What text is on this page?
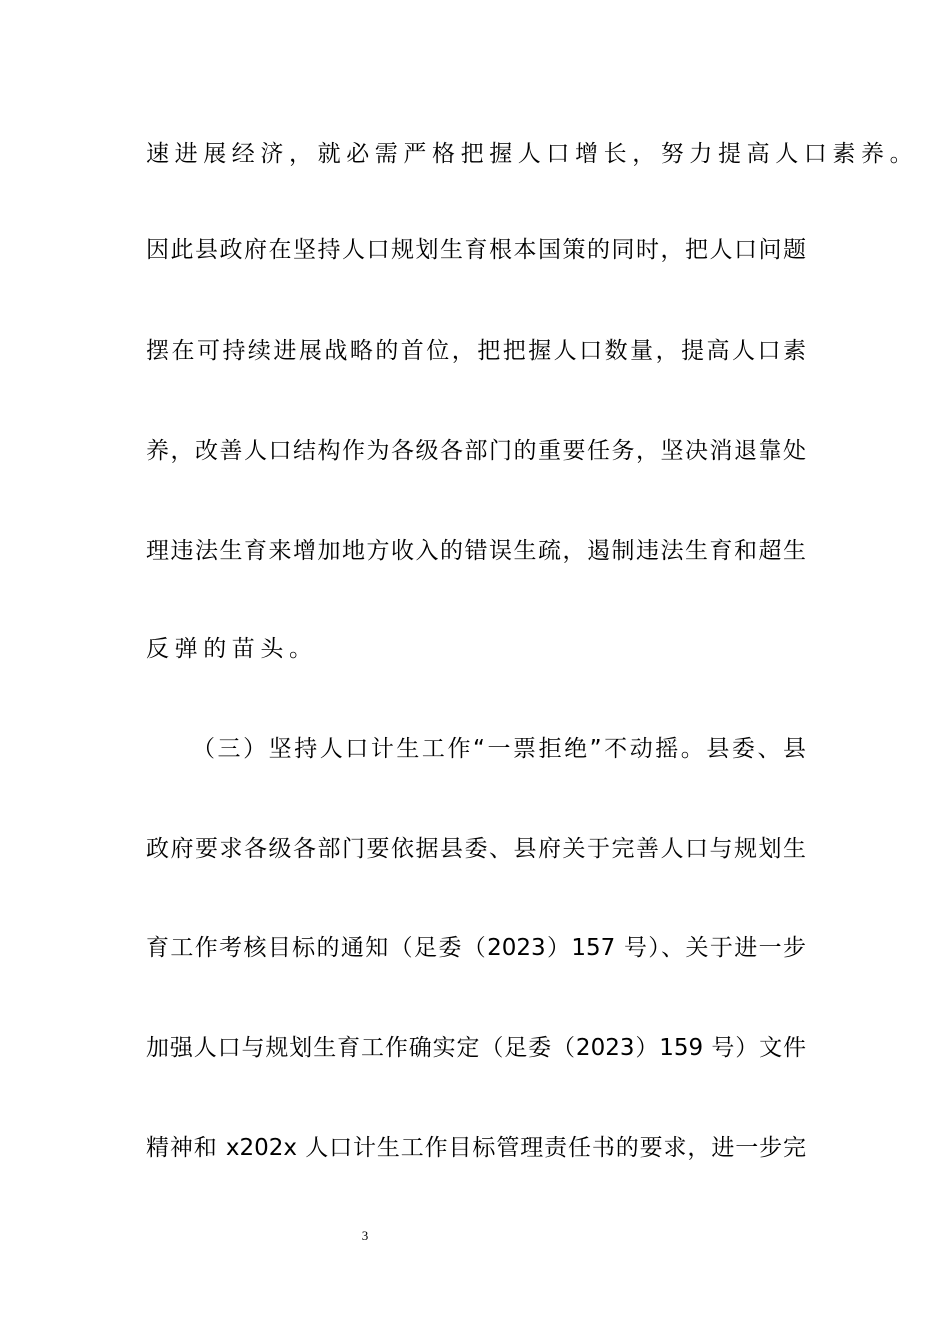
速进展经济，就必需严格把握人口增长，努力提高人口素养。
因此县政府在坚持人口规划生育根本国策的同时，把人口问题
摆在可持续进展战略的首位，把把握人口数量，提高人口素
养，改善人口结构作为各级各部门的重要任务，坚决消退靠处
理违法生育来增加地方收入的错误生疏，遏制违法生育和超生
反弹的苗头。
（三）坚持人口计生工作“一票拒绝”不动摇。县委、县
政府要求各级各部门要依据县委、县府关于完善人口与规划生
育工作考核目标的通知（足委（2023）157 号）、关于进一步
加强人口与规划生育工作确实定（足委（2023）159 号）文件
精神和 x202x 人口计生工作目标管理责任书的要求，进一步完
3
